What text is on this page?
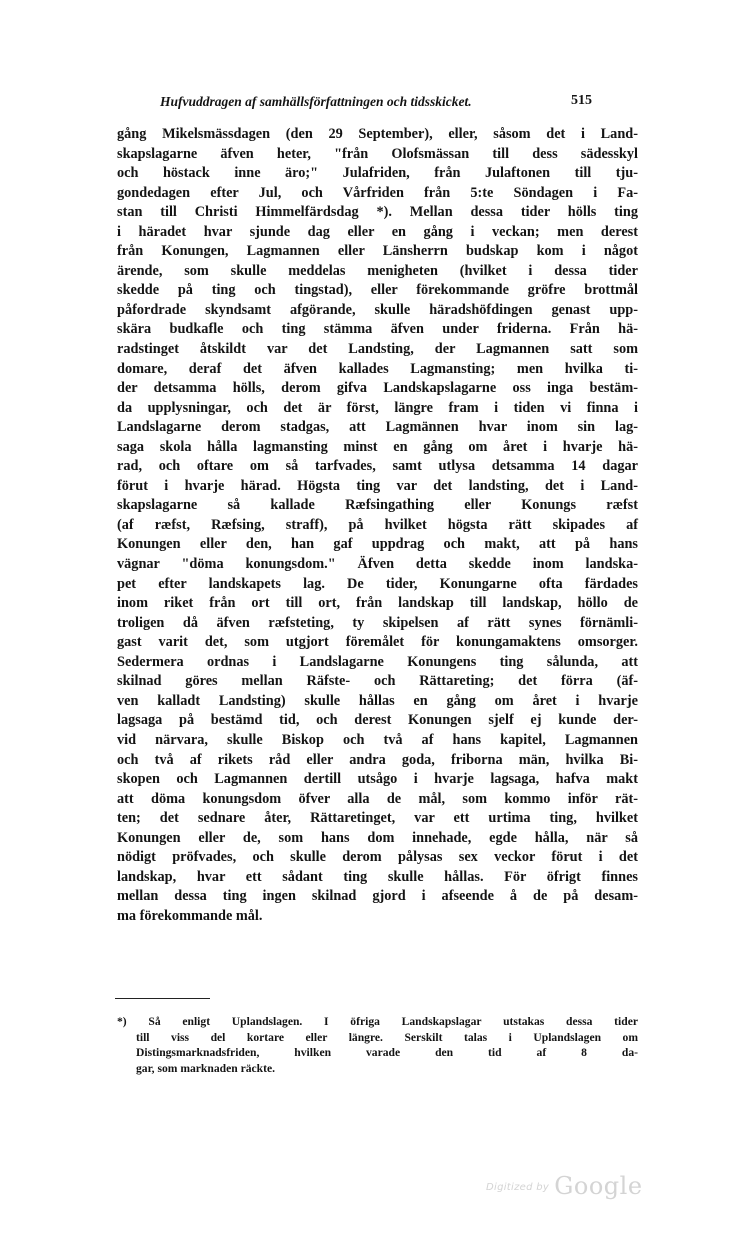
Hufvuddragen af samhällsförfattningen och tidsskicket.	515
gång Mikelsmässdagen (den 29 September), eller, såsom det i Land-
skapslagarne äfven heter, "från Olofsmässan till dess sädesskyl
och höstack inne äro;" Julafriden, från Julaftonen till tju-
gondedagen efter Jul, och Vårfriden från 5:te Söndagen i Fa-
stan till Christi Himmelfärdsdag *). Mellan dessa tider hölls ting
i häradet hvar sjunde dag eller en gång i veckan; men derest
från Konungen, Lagmannen eller Länsherrn budskap kom i något
ärende, som skulle meddelas menigheten (hvilket i dessa tider
skedde på ting och tingstad), eller förekommande gröfre brottmål
påfordrade skyndsamt afgörande, skulle häradshöfdingen genast upp-
skära budkafle och ting stämma äfven under friderna. Från hä-
radstinget åtskildt var det Landsting, der Lagmannen satt som
domare, deraf det äfven kallades Lagmansting; men hvilka ti-
der detsamma hölls, derom gifva Landskapslagarne oss inga bestäm-
da upplysningar, och det är först, längre fram i tiden vi finna i
Landslagarne derom stadgas, att Lagmännen hvar inom sin lag-
saga skola hålla lagmansting minst en gång om året i hvarje hä-
rad, och oftare om så tarfvades, samt utlysa detsamma 14 dagar
förut i hvarje härad. Högsta ting var det landsting, det i Land-
skapslagarne så kallade Ræfsingathing eller Konungs ræfst
(af ræfst, Ræfsing, straff), på hvilket högsta rätt skipades af
Konungen eller den, han gaf uppdrag och makt, att på hans
vägnar "döma konungsdom." Äfven detta skedde inom landska-
pet efter landskapets lag. De tider, Konungarne ofta färdades
inom riket från ort till ort, från landskap till landskap, höllo de
troligen då äfven ræfsteting, ty skipelsen af rätt synes förnämli-
gast varit det, som utgjort föremålet för konungamaktens omsorger.
Sedermera ordnas i Landslagarne Konungens ting sålunda, att
skilnad göres mellan Räfste- och Rättareting; det förra (äf-
ven kalladt Landsting) skulle hållas en gång om året i hvarje
lagsaga på bestämd tid, och derest Konungen sjelf ej kunde der-
vid närvara, skulle Biskop och två af hans kapitel, Lagmannen
och två af rikets råd eller andra goda, friborna män, hvilka Bi-
skopen och Lagmannen dertill utsågo i hvarje lagsaga, hafva makt
att döma konungsdom öfver alla de mål, som kommo inför rät-
ten; det sednare åter, Rättaretinget, var ett urtima ting, hvilket
Konungen eller de, som hans dom innehade, egde hålla, när så
nödigt pröfvades, och skulle derom pålysas sex veckor förut i det
landskap, hvar ett sådant ting skulle hållas. För öfrigt finnes
mellan dessa ting ingen skilnad gjord i afseende å de på desam-
ma förekommande mål.
*) Så enligt Uplandslagen. I öfriga Landskapslagar utstakas dessa tider
till viss del kortare eller längre. Serskilt talas i Uplandslagen om
Distingsmarknadsfriden, hvilken varade den tid af 8 da-
gar, som marknaden räckte.
$^{Digitized by}$ Google
